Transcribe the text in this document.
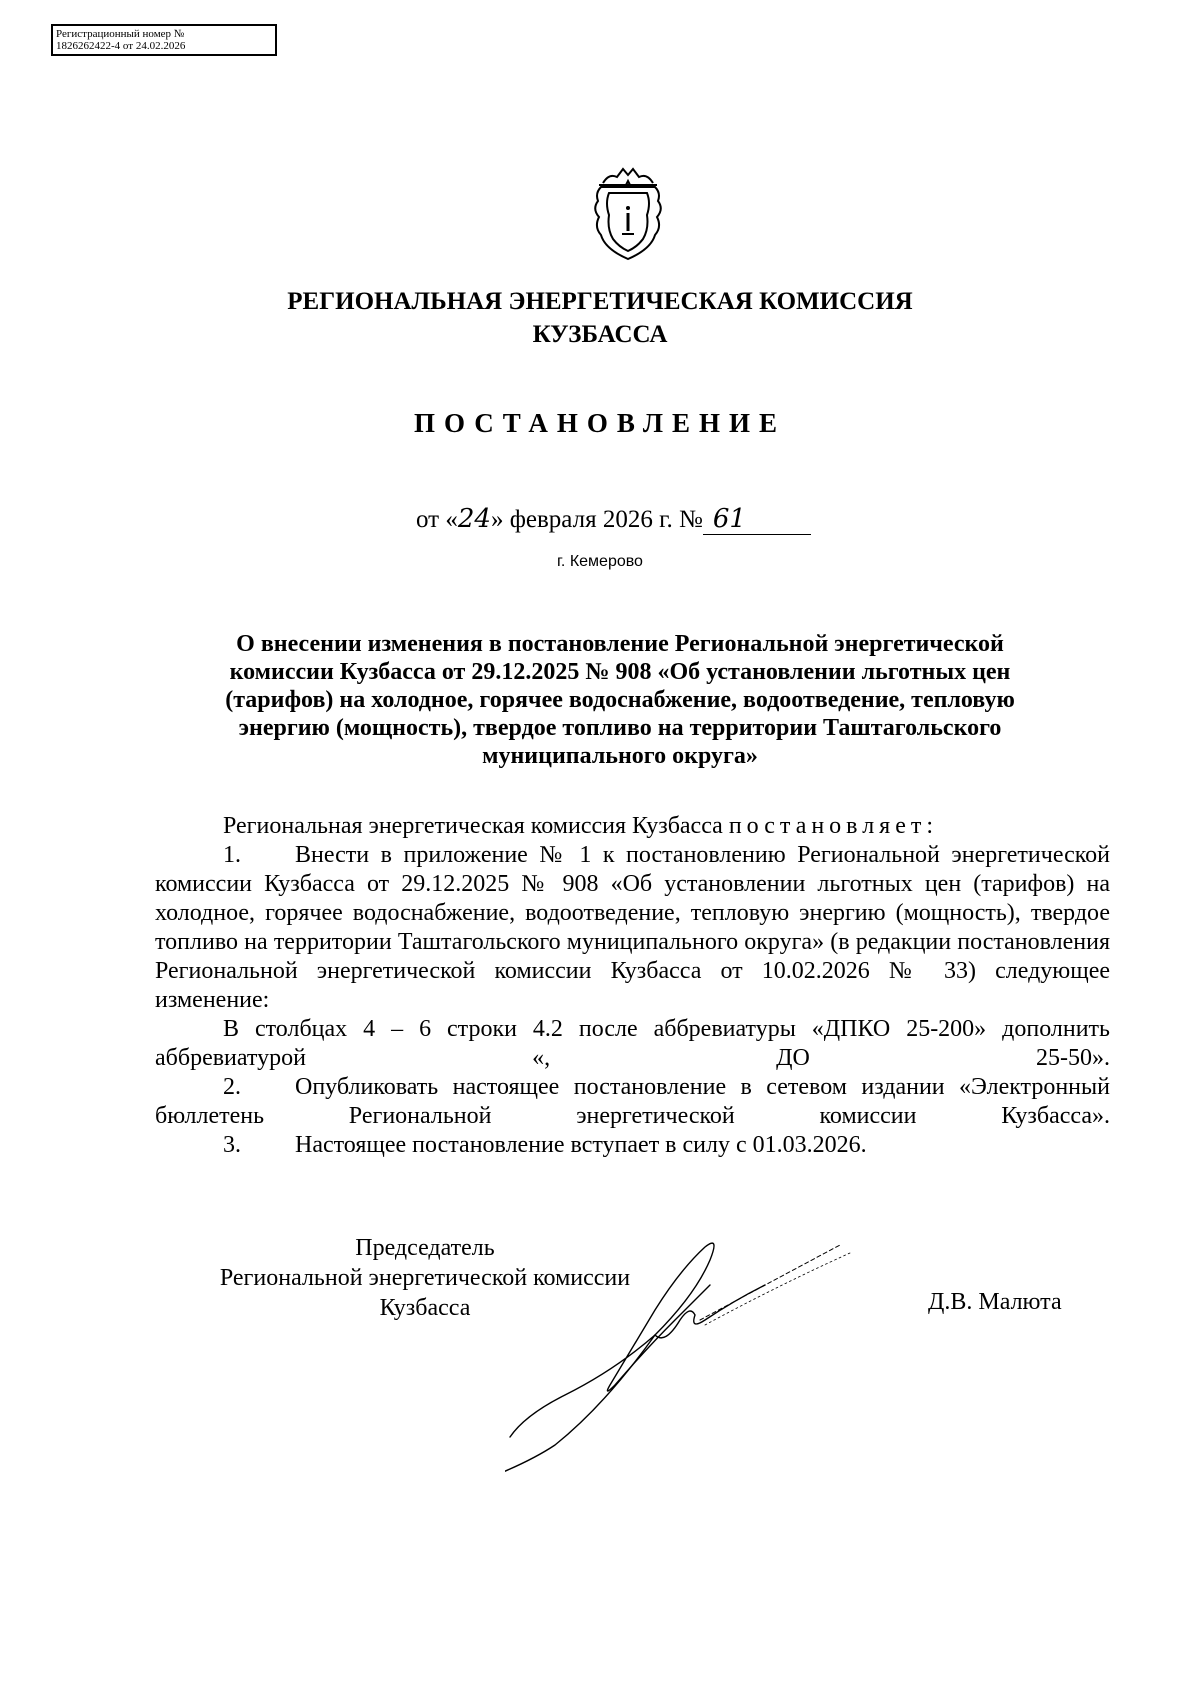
Регистрационный номер №
1826262422-4 от 24.02.2026
РЕГИОНАЛЬНАЯ ЭНЕРГЕТИЧЕСКАЯ КОМИССИЯ
КУЗБАССА
ПОСТАНОВЛЕНИЕ
от «24» февраля 2026 г. № 61
г. Кемерово
О внесении изменения в постановление Региональной энергетической
комиссии Кузбасса от 29.12.2025 № 908 «Об установлении льготных цен
(тарифов) на холодное, горячее водоснабжение, водоотведение, тепловую
энергию (мощность), твердое топливо на территории Таштагольского
муниципального округа»

Региональная энергетическая комиссия Кузбасса постановляет:

1. Внести в приложение № 1 к постановлению Региональной энергетической комиссии Кузбасса от 29.12.2025 № 908 «Об установлении льготных цен (тарифов) на холодное, горячее водоснабжение, водоотведение, тепловую энергию (мощность), твердое топливо на территории Таштагольского муниципального округа» (в редакции постановления Региональной энергетической комиссии Кузбасса от 10.02.2026 № 33) следующее изменение:

В столбцах 4 – 6 строки 4.2 после аббревиатуры «ДПКО 25-200» дополнить аббревиатурой «, ДО 25-50».

2. Опубликовать настоящее постановление в сетевом издании «Электронный бюллетень Региональной энергетической комиссии Кузбасса».

3. Настоящее постановление вступает в силу с 01.03.2026.

Председатель
Региональной энергетической комиссии
Кузбасса	Д.В. Малюта
